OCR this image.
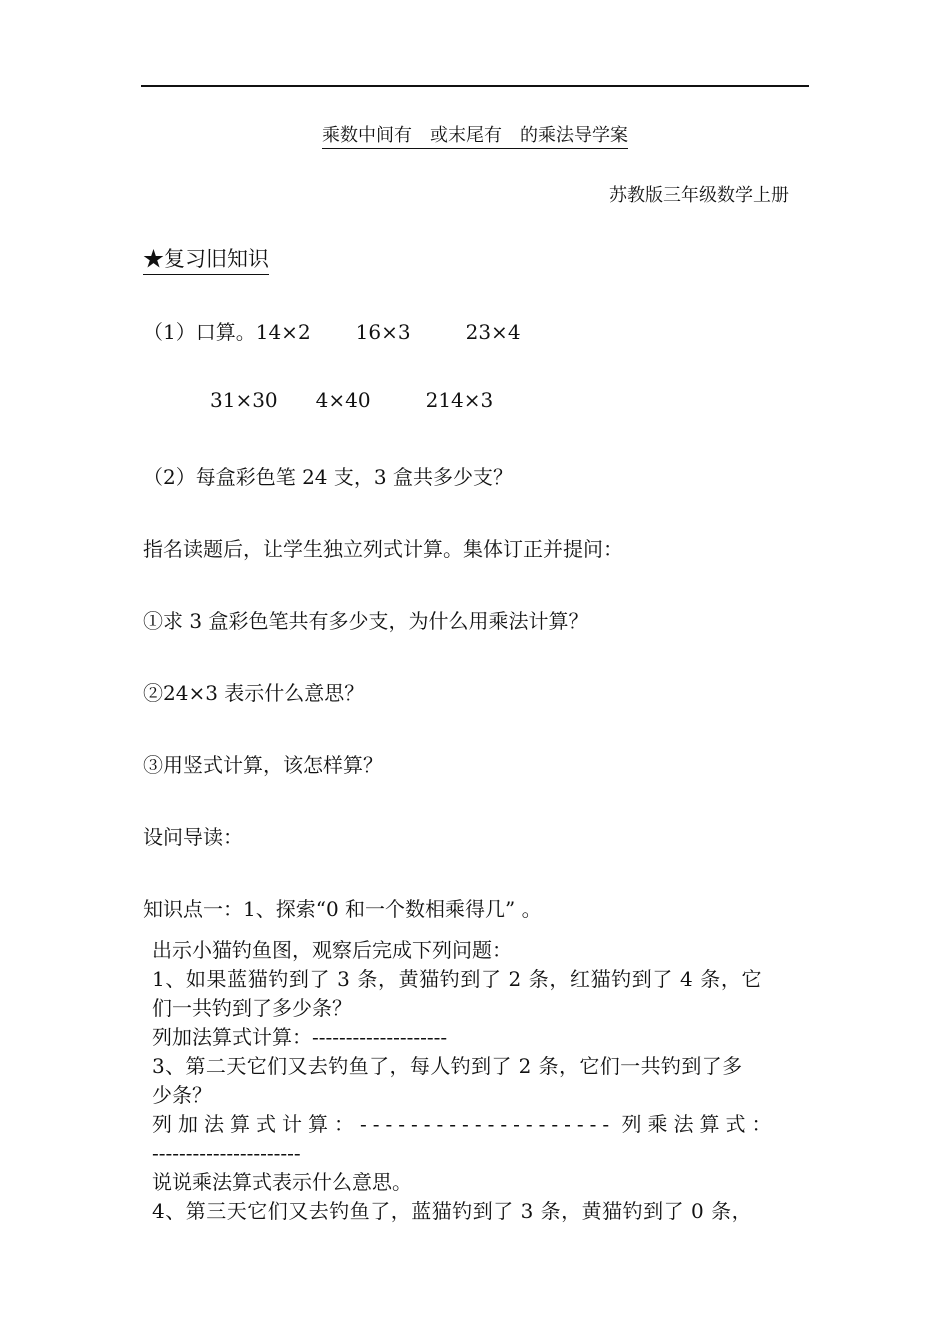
乘数中间有　或末尾有　的乘法导学案
苏教版三年级数学上册
★复习旧知识
（1）口算。14×2 16×3	23×4
31×30 4×40	214×3
（2）每盒彩色笔 24 支，3 盒共多少支？
指名读题后，让学生独立列式计算。集体订正并提问：
①求 3 盒彩色笔共有多少支，为什么用乘法计算？
②24×3 表示什么意思？
③用竖式计算，该怎样算？
设问导读：
知识点一：1、探索“0 和一个数相乘得几” 。
出示小猫钓鱼图，观察后完成下列问题：
1、如果蓝猫钓到了 3 条，黄猫钓到了 2 条，红猫钓到了 4 条，它
们一共钓到了多少条？
列加法算式计算：--------------------
3、第二天它们又去钓鱼了，每人钓到了 2 条，它们一共钓到了多
少条？
列加法算式计算：-------------------- 列乘法算式：
----------------------
说说乘法算式表示什么意思。
4、第三天它们又去钓鱼了，蓝猫钓到了 3 条，黄猫钓到了 0 条，
